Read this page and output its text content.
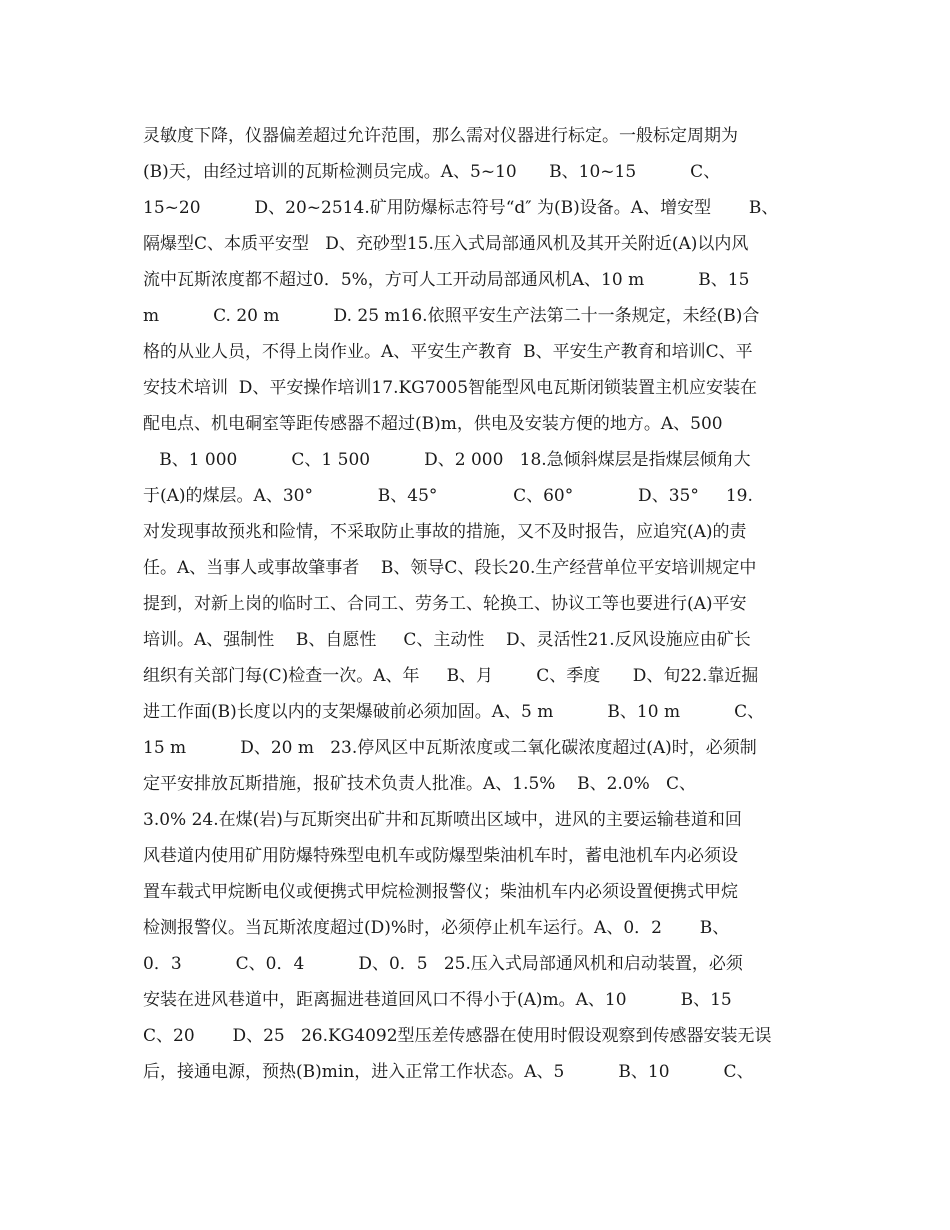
灵敏度下降，仪器偏差超过允许范围，那么需对仪器进行标定。一般标定周期为
(B)天，由经过培训的瓦斯检测员完成。A、5~10      B、10~15          C、
15~20          D、20~2514.矿用防爆标志符号“d″ 为(B)设备。A、增安型       B、
隔爆型C、本质平安型   D、充砂型15.压入式局部通风机及其开关附近(A)以内风
流中瓦斯浓度都不超过0．5%，方可人工开动局部通风机A、10 m          B、15
m          C. 20 m          D. 25 m16.依照平安生产法第二十一条规定，未经(B)合
格的从业人员，不得上岗作业。A、平安生产教育  B、平安生产教育和培训C、平
安技术培训  D、平安操作培训17.KG7005智能型风电瓦斯闭锁装置主机应安装在
配电点、机电硐室等距传感器不超过(B)m，供电及安装方便的地方。A、500
B、1 000          C、1 500          D、2 000   18.急倾斜煤层是指煤层倾角大
于(A)的煤层。A、30°            B、45°              C、60°            D、35°     19.
对发现事故预兆和险情，不采取防止事故的措施，又不及时报告，应追究(A)的责
任。A、当事人或事故肇事者    B、领导C、段长20.生产经营单位平安培训规定中
提到，对新上岗的临时工、合同工、劳务工、轮换工、协议工等也要进行(A)平安
培训。A、强制性    B、自愿性     C、主动性    D、灵活性21.反风设施应由矿长
组织有关部门每(C)检查一次。A、年     B、月        C、季度      D、旬22.靠近掘
进工作面(B)长度以内的支架爆破前必须加固。A、5 m          B、10 m          C、
15 m          D、20 m   23.停风区中瓦斯浓度或二氧化碳浓度超过(A)时，必须制
定平安排放瓦斯措施，报矿技术负责人批准。A、1.5%    B、2.0%   C、
3.0% 24.在煤(岩)与瓦斯突出矿井和瓦斯喷出区域中，进风的主要运输巷道和回
风巷道内使用矿用防爆特殊型电机车或防爆型柴油机车时，蓄电池机车内必须设
置车载式甲烷断电仪或便携式甲烷检测报警仪；柴油机车内必须设置便携式甲烷
检测报警仪。当瓦斯浓度超过(D)%时，必须停止机车运行。A、0．2       B、
0．3          C、0．4          D、0．5   25.压入式局部通风机和启动装置，必须
安装在进风巷道中，距离掘进巷道回风口不得小于(A)m。A、10          B、15
C、20       D、25   26.KG4092型压差传感器在使用时假设观察到传感器安装无误
后，接通电源，预热(B)min，进入正常工作状态。A、5          B、10          C、
